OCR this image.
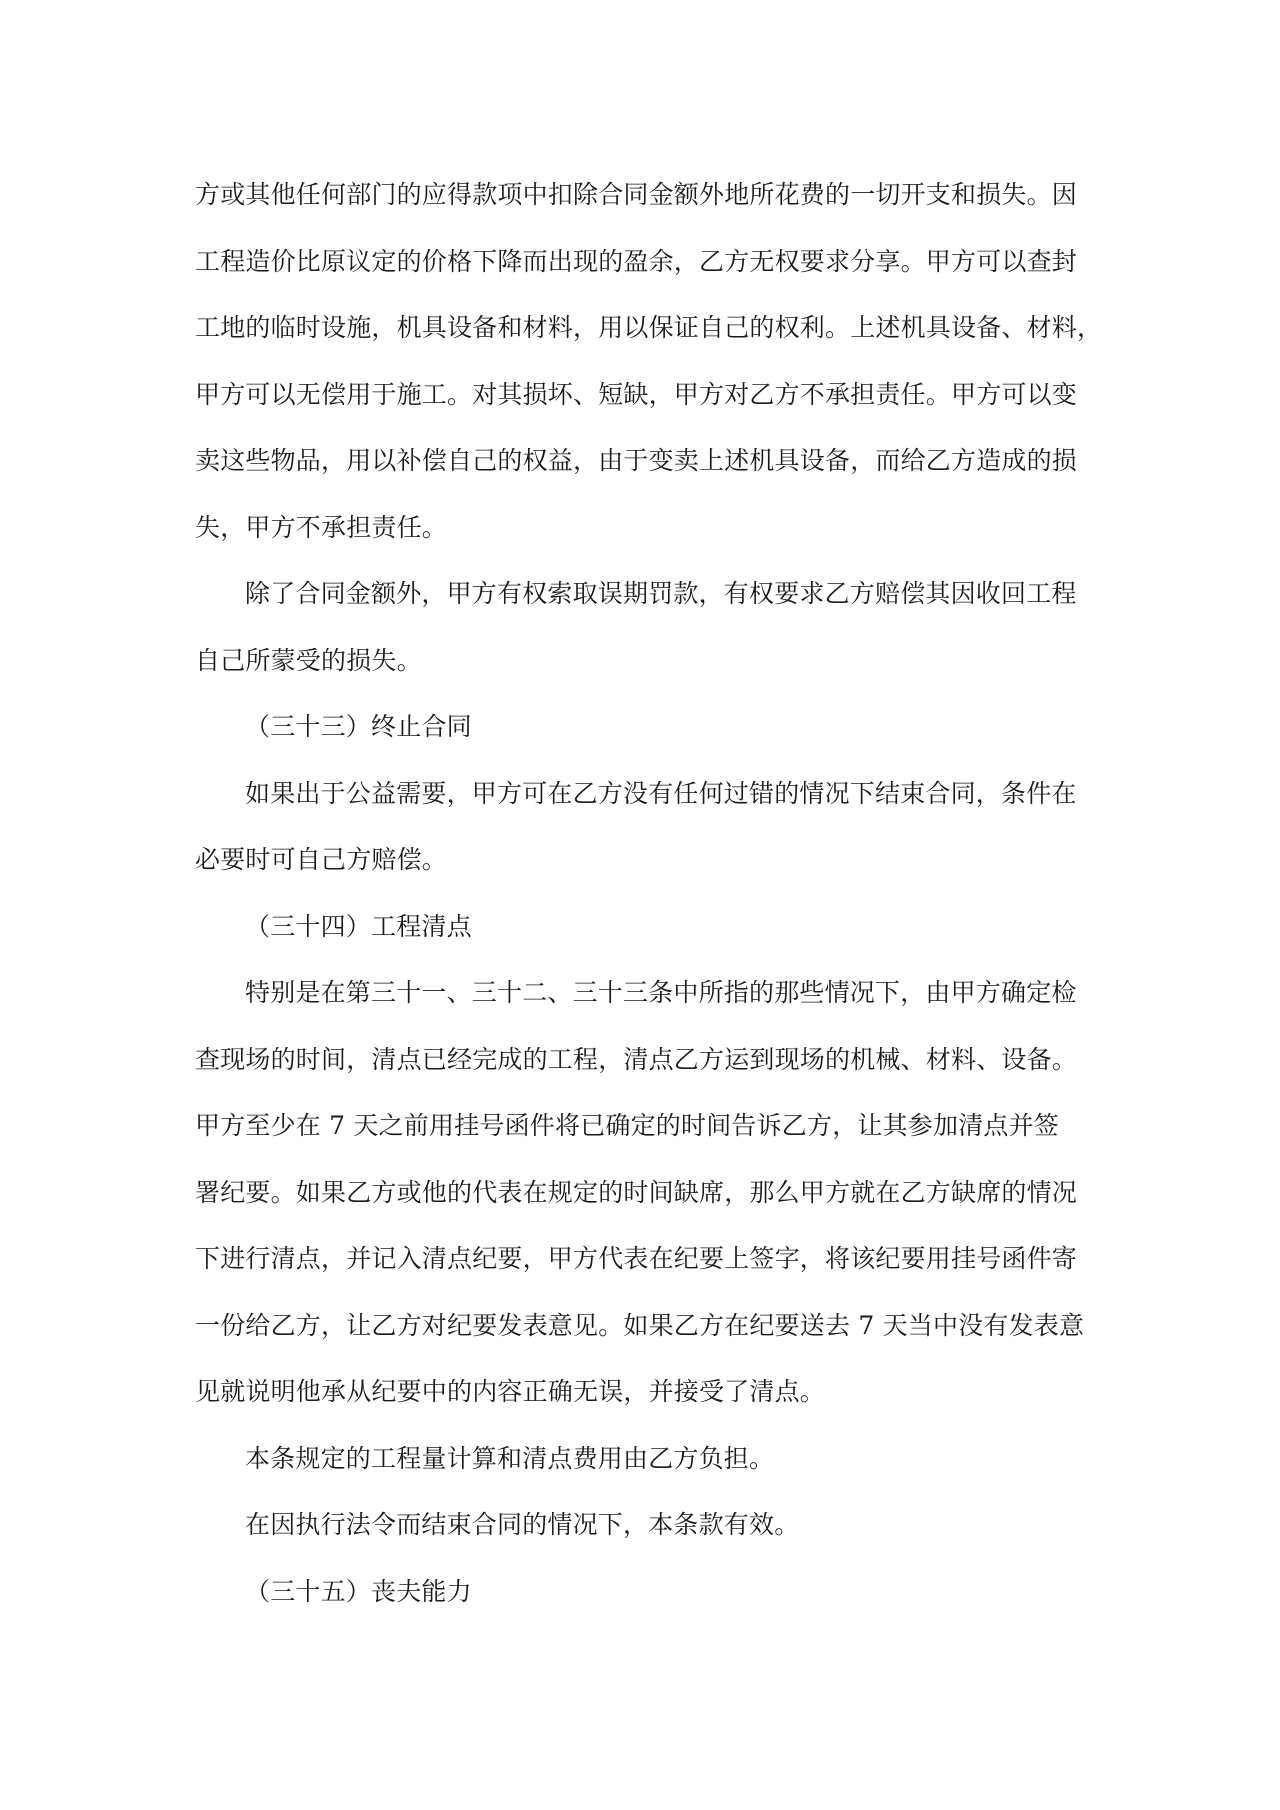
方或其他任何部门的应得款项中扣除合同金额外地所花费的一切开支和损失。因
工程造价比原议定的价格下降而出现的盈余，乙方无权要求分享。甲方可以查封
工地的临时设施，机具设备和材料，用以保证自己的权利。上述机具设备、材料，
甲方可以无偿用于施工。对其损坏、短缺，甲方对乙方不承担责任。甲方可以变
卖这些物品，用以补偿自己的权益，由于变卖上述机具设备，而给乙方造成的损
失，甲方不承担责任。
除了合同金额外，甲方有权索取误期罚款，有权要求乙方赔偿其因收回工程
自己所蒙受的损失。
（三十三）终止合同
如果出于公益需要，甲方可在乙方没有任何过错的情况下结束合同，条件在
必要时可自己方赔偿。
（三十四）工程清点
特别是在第三十一、三十二、三十三条中所指的那些情况下，由甲方确定检
查现场的时间，清点已经完成的工程，清点乙方运到现场的机械、材料、设备。
甲方至少在 7 天之前用挂号函件将已确定的时间告诉乙方，让其参加清点并签
署纪要。如果乙方或他的代表在规定的时间缺席，那么甲方就在乙方缺席的情况
下进行清点，并记入清点纪要，甲方代表在纪要上签字，将该纪要用挂号函件寄
一份给乙方，让乙方对纪要发表意见。如果乙方在纪要送去 7 天当中没有发表意
见就说明他承从纪要中的内容正确无误，并接受了清点。
本条规定的工程量计算和清点费用由乙方负担。
在因执行法令而结束合同的情况下，本条款有效。
（三十五）丧夫能力
